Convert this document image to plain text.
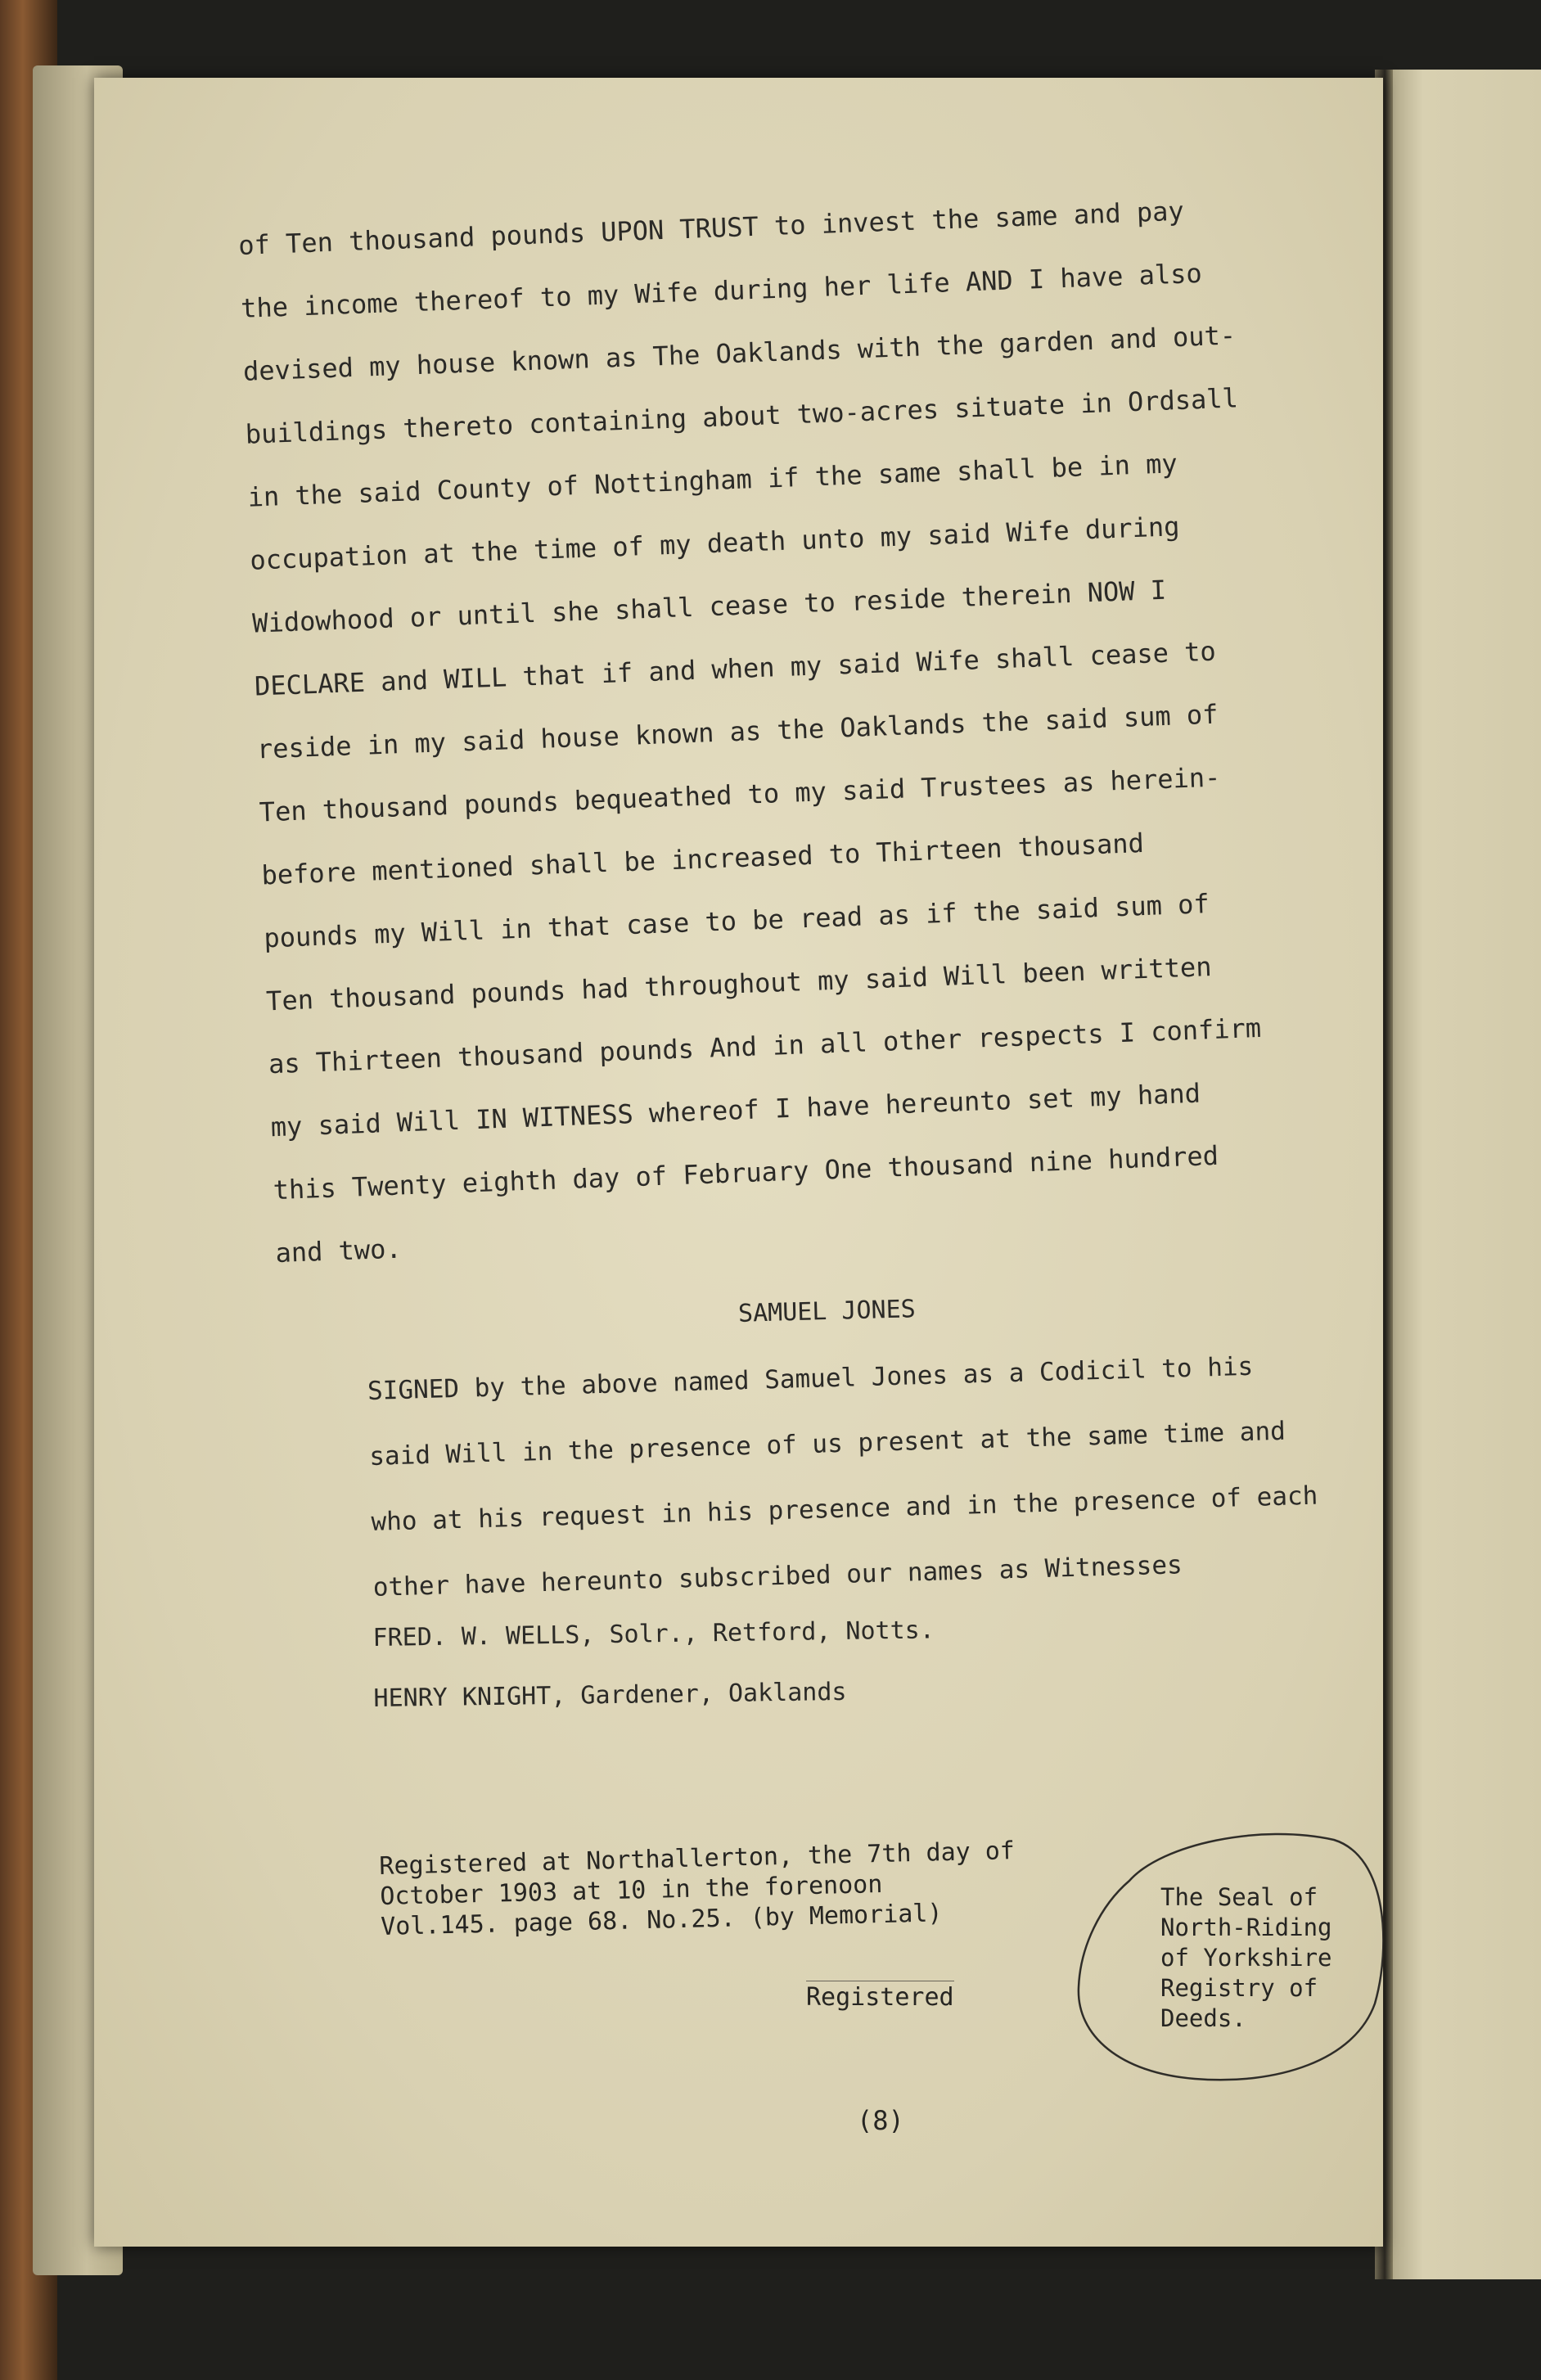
of Ten thousand pounds UPON TRUST to invest the same and pay
the income thereof to my Wife during her life AND I have also
devised my house known as The Oaklands with the garden and out-
buildings thereto containing about two-acres situate in Ordsall
in the said County of Nottingham if the same shall be in my
occupation at the time of my death unto my said Wife during
Widowhood or until she shall cease to reside therein NOW I
DECLARE and WILL that if and when my said Wife shall cease to
reside in my said house known as the Oaklands the said sum of
Ten thousand pounds bequeathed to my said Trustees as herein-
before mentioned shall be increased to Thirteen thousand
pounds my Will in that case to be read as if the said sum of
Ten thousand pounds had throughout my said Will been written
as Thirteen thousand pounds And in all other respects I confirm
my said Will IN WITNESS whereof I have hereunto set my hand
this Twenty eighth day of February One thousand nine hundred
and two.
SAMUEL JONES
SIGNED by the above named Samuel Jones as a Codicil to his
said Will in the presence of us present at the same time and
who at his request in his presence and in the presence of each
other have hereunto subscribed our names as Witnesses
FRED. W. WELLS, Solr., Retford, Notts.
HENRY KNIGHT, Gardener, Oaklands
Registered at Northallerton, the 7th day of
October 1903 at 10 in the forenoon
Vol.145. page 68. No.25. (by Memorial)
Registered
The Seal of
North-Riding
of Yorkshire
Registry of
Deeds.
(8)
